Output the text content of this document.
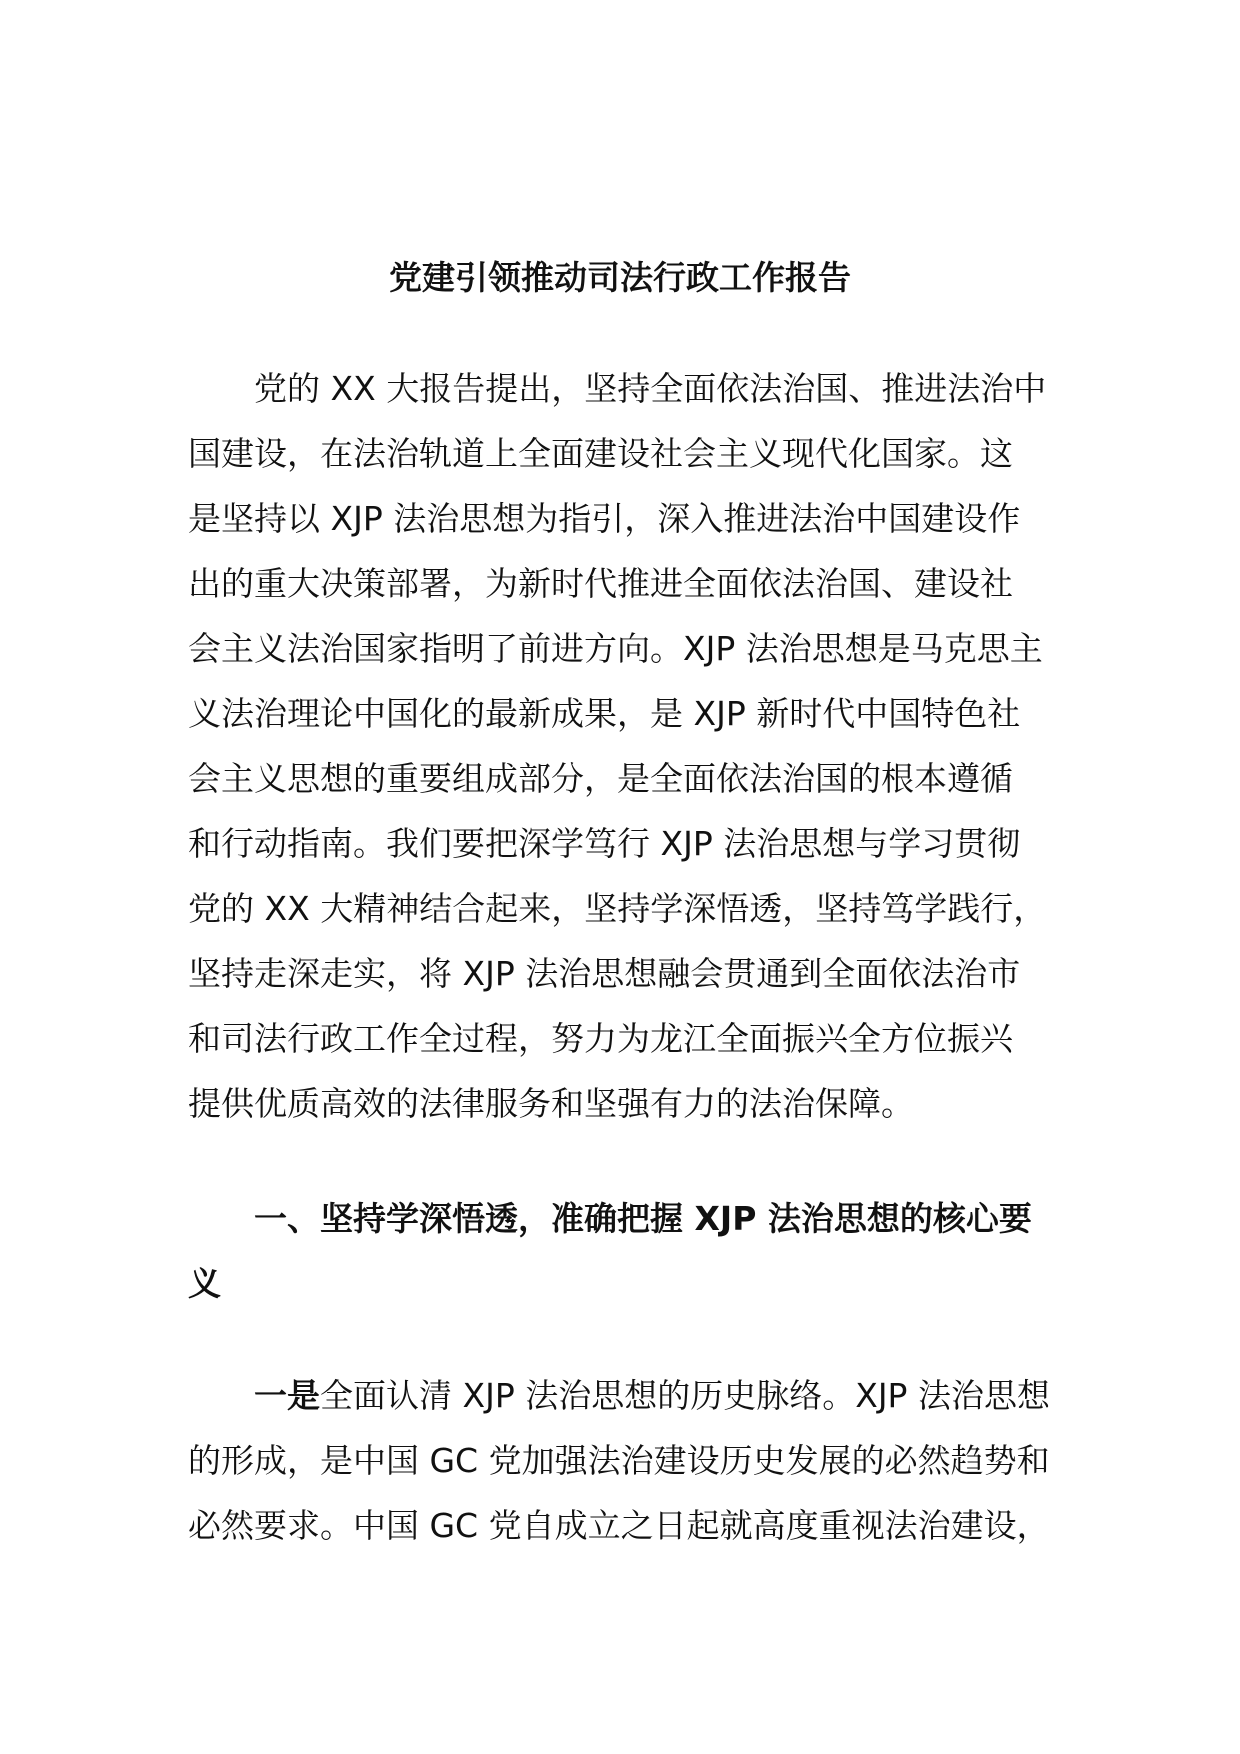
党建引领推动司法行政工作报告
党的 XX 大报告提出，坚持全面依法治国、推进法治中
国建设，在法治轨道上全面建设社会主义现代化国家。这
是坚持以 XJP 法治思想为指引，深入推进法治中国建设作
出的重大决策部署，为新时代推进全面依法治国、建设社
会主义法治国家指明了前进方向。XJP 法治思想是马克思主
义法治理论中国化的最新成果，是 XJP 新时代中国特色社
会主义思想的重要组成部分，是全面依法治国的根本遵循
和行动指南。我们要把深学笃行 XJP 法治思想与学习贯彻
党的 XX 大精神结合起来，坚持学深悟透，坚持笃学践行，
坚持走深走实，将 XJP 法治思想融会贯通到全面依法治市
和司法行政工作全过程，努力为龙江全面振兴全方位振兴
提供优质高效的法律服务和坚强有力的法治保障。
一、坚持学深悟透，准确把握 XJP 法治思想的核心要
义
一是全面认清 XJP 法治思想的历史脉络。XJP 法治思想
的形成，是中国 GC 党加强法治建设历史发展的必然趋势和
必然要求。中国 GC 党自成立之日起就高度重视法治建设，
